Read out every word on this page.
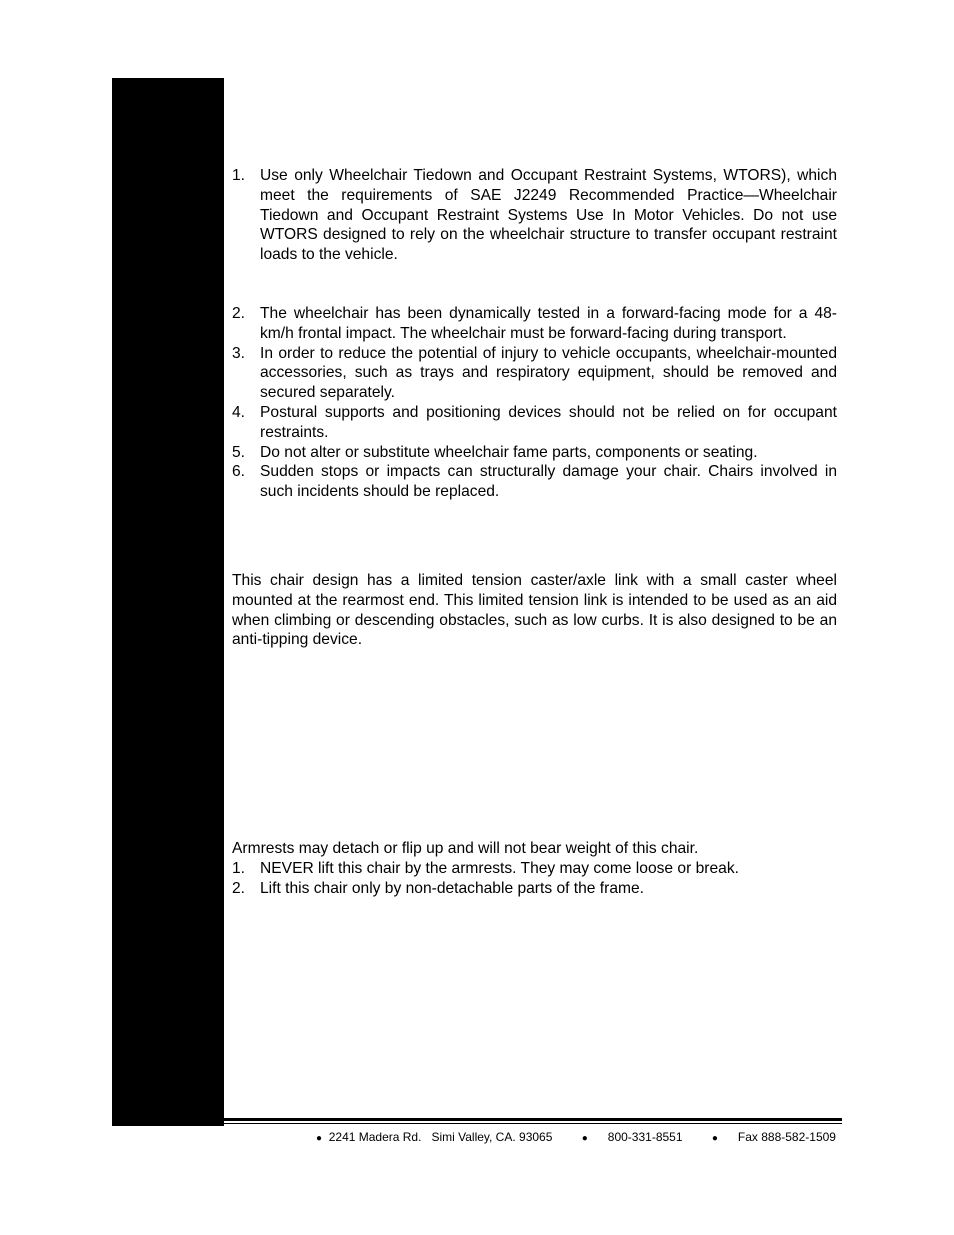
1. Use only Wheelchair Tiedown and Occupant Restraint Systems, WTORS), which meet the requirements of SAE J2249 Recommended Practice—Wheelchair Tiedown and Occupant Restraint Systems Use In Motor Vehicles. Do not use WTORS designed to rely on the wheelchair structure to transfer occupant restraint loads to the vehicle.
2. The wheelchair has been dynamically tested in a forward-facing mode for a 48-km/h frontal impact. The wheelchair must be forward-facing during transport.
3. In order to reduce the potential of injury to vehicle occupants, wheelchair-mounted accessories, such as trays and respiratory equipment, should be removed and secured separately.
4. Postural supports and positioning devices should not be relied on for occupant restraints.
5. Do not alter or substitute wheelchair fame parts, components or seating.
6. Sudden stops or impacts can structurally damage your chair. Chairs involved in such incidents should be replaced.

This chair design has a limited tension caster/axle link with a small caster wheel mounted at the rearmost end. This limited tension link is intended to be used as an aid when climbing or descending obstacles, such as low curbs. It is also designed to be an anti-tipping device.

Armrests may detach or flip up and will not bear weight of this chair.

1. NEVER lift this chair by the armrests. They may come loose or break.
2. Lift this chair only by non-detachable parts of the frame.
● 2241 Madera Rd.   Simi Valley, CA. 93065	● 800-331-8551	● Fax 888-582-1509
